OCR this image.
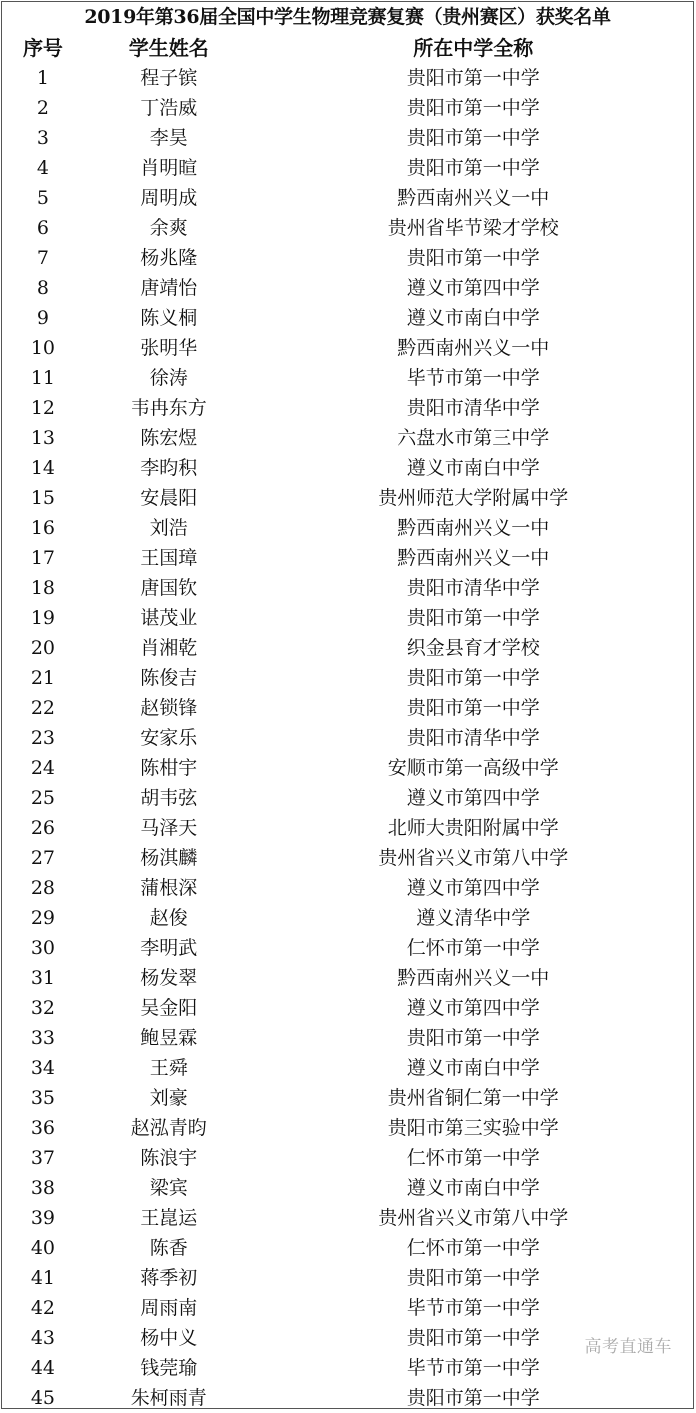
2019年第36届全国中学生物理竞赛复赛（贵州赛区）获奖名单
序号	学生姓名	所在中学全称
1	程子镔	贵阳市第一中学
2	丁浩威	贵阳市第一中学
3	李昊	贵阳市第一中学
4	肖明暄	贵阳市第一中学
5	周明成	黔西南州兴义一中
6	余爽	贵州省毕节梁才学校
7	杨兆隆	贵阳市第一中学
8	唐靖怡	遵义市第四中学
9	陈义桐	遵义市南白中学
10	张明华	黔西南州兴义一中
11	徐涛	毕节市第一中学
12	韦冉东方	贵阳市清华中学
13	陈宏煜	六盘水市第三中学
14	李昀积	遵义市南白中学
15	安晨阳	贵州师范大学附属中学
16	刘浩	黔西南州兴义一中
17	王国璋	黔西南州兴义一中
18	唐国钦	贵阳市清华中学
19	谌茂业	贵阳市第一中学
20	肖湘乾	织金县育才学校
21	陈俊吉	贵阳市第一中学
22	赵锁锋	贵阳市第一中学
23	安家乐	贵阳市清华中学
24	陈柑宇	安顺市第一高级中学
25	胡韦弦	遵义市第四中学
26	马泽天	北师大贵阳附属中学
27	杨淇麟	贵州省兴义市第八中学
28	蒲根深	遵义市第四中学
29	赵俊	遵义清华中学
30	李明武	仁怀市第一中学
31	杨发翠	黔西南州兴义一中
32	吴金阳	遵义市第四中学
33	鲍昱霖	贵阳市第一中学
34	王舜	遵义市南白中学
35	刘豪	贵州省铜仁第一中学
36	赵泓青昀	贵阳市第三实验中学
37	陈浪宇	仁怀市第一中学
38	梁宾	遵义市南白中学
39	王崑运	贵州省兴义市第八中学
40	陈香	仁怀市第一中学
41	蒋季初	贵阳市第一中学
42	周雨南	毕节市第一中学
43	杨中义	贵阳市第一中学
44	钱莞瑜	毕节市第一中学
45	朱柯雨青	贵阳市第一中学
高考直通车
